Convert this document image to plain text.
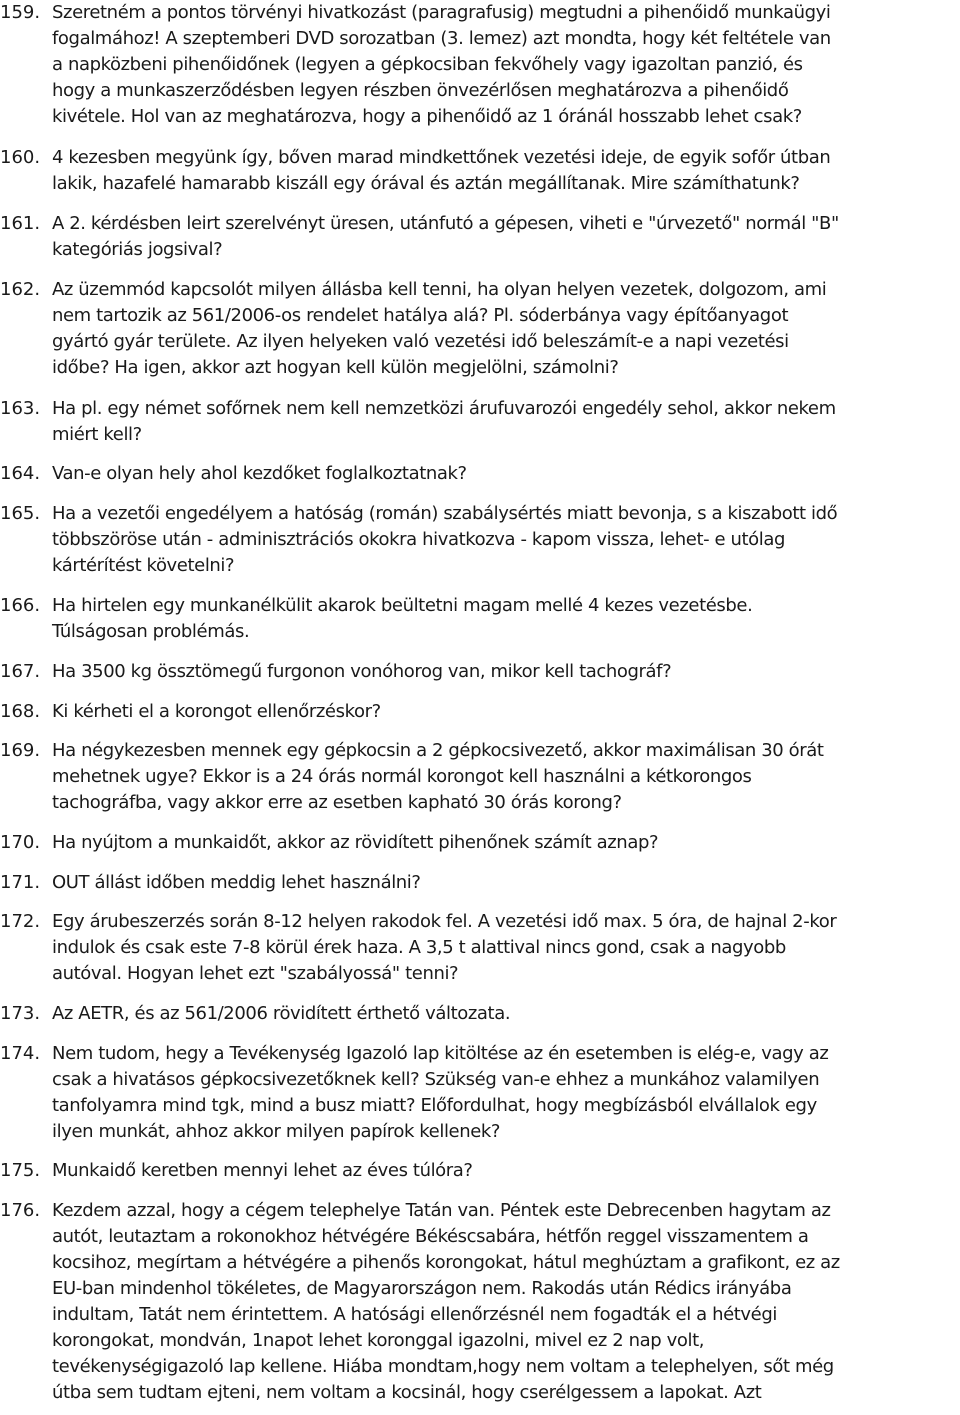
159. Szeretném a pontos törvényi hivatkozást (paragrafusig) megtudni a pihenőidő munkaügyi
fogalmához! A szeptemberi DVD sorozatban (3. lemez) azt mondta, hogy két feltétele van
a napközbeni pihenőidőnek (legyen a gépkocsiban fekvőhely vagy igazoltan panzió, és
hogy a munkaszerződésben legyen részben önvezérlősen meghatározva a pihenőidő
kivétele. Hol van az meghatározva, hogy a pihenőidő az 1 óránál hosszabb lehet csak?
160. 4 kezesben megyünk így, bőven marad mindkettőnek vezetési ideje, de egyik sofőr útban
lakik, hazafelé hamarabb kiszáll egy órával és aztán megállítanak. Mire számíthatunk?
161. A 2. kérdésben leirt szerelvényt üresen, utánfutó a gépesen, viheti e "úrvezető" normál "B"
kategóriás jogsival?
162. Az üzemmód kapcsolót milyen állásba kell tenni, ha olyan helyen vezetek, dolgozom, ami
nem tartozik az 561/2006-os rendelet hatálya alá? Pl. sóderbánya vagy építőanyagot
gyártó gyár területe. Az ilyen helyeken való vezetési idő beleszámít-e a napi vezetési
időbe? Ha igen, akkor azt hogyan kell külön megjelölni, számolni?
163. Ha pl. egy német sofőrnek nem kell nemzetközi árufuvarozói engedély sehol, akkor nekem
miért kell?
164. Van-e olyan hely ahol kezdőket foglalkoztatnak?
165. Ha a vezetői engedélyem a hatóság (román) szabálysértés miatt bevonja, s a kiszabott idő
többszöröse után - adminisztrációs okokra hivatkozva - kapom vissza, lehet- e utólag
kártérítést követelni?
166. Ha hirtelen egy munkanélkülit akarok beültetni magam mellé 4 kezes vezetésbe.
Túlságosan problémás.
167. Ha 3500 kg össztömegű furgonon vonóhorog van, mikor kell tachográf?
168. Ki kérheti el a korongot ellenőrzéskor?
169. Ha négykezesben mennek egy gépkocsin a 2 gépkocsivezető, akkor maximálisan 30 órát
mehetnek ugye? Ekkor is a 24 órás normál korongot kell használni a kétkorongos
tachográfba, vagy akkor erre az esetben kapható 30 órás korong?
170. Ha nyújtom a munkaidőt, akkor az rövidített pihenőnek számít aznap?
171. OUT állást időben meddig lehet használni?
172. Egy árubeszerzés során 8-12 helyen rakodok fel. A vezetési idő max. 5 óra, de hajnal 2-kor
indulok és csak este 7-8 körül érek haza. A 3,5 t alattival nincs gond, csak a nagyobb
autóval. Hogyan lehet ezt "szabályossá" tenni?
173. Az AETR, és az 561/2006 rövidített érthető változata.
174. Nem tudom, hegy a Tevékenység Igazoló lap kitöltése az én esetemben is elég-e, vagy az
csak a hivatásos gépkocsivezetőknek kell? Szükség van-e ehhez a munkához valamilyen
tanfolyamra mind tgk, mind a busz miatt? Előfordulhat, hogy megbízásból elvállalok egy
ilyen munkát, ahhoz akkor milyen papírok kellenek?
175. Munkaidő keretben mennyi lehet az éves túlóra?
176. Kezdem azzal, hogy a cégem telephelye Tatán van. Péntek este Debrecenben hagytam az
autót, leutaztam a rokonokhoz hétvégére Békéscsabára, hétfőn reggel visszamentem a
kocsihoz, megírtam a hétvégére a pihenős korongokat, hátul meghúztam a grafikont, ez az
EU-ban mindenhol tökéletes, de Magyarországon nem. Rakodás után Rédics irányába
indultam, Tatát nem érintettem. A hatósági ellenőrzésnél nem fogadták el a hétvégi
korongokat, mondván, 1napot lehet koronggal igazolni, mivel ez 2 nap volt,
tevékenységigazoló lap kellene. Hiába mondtam,hogy nem voltam a telephelyen, sőt még
útba sem tudtam ejteni, nem voltam a kocsinál, hogy cserélgessem a lapokat. Azt
